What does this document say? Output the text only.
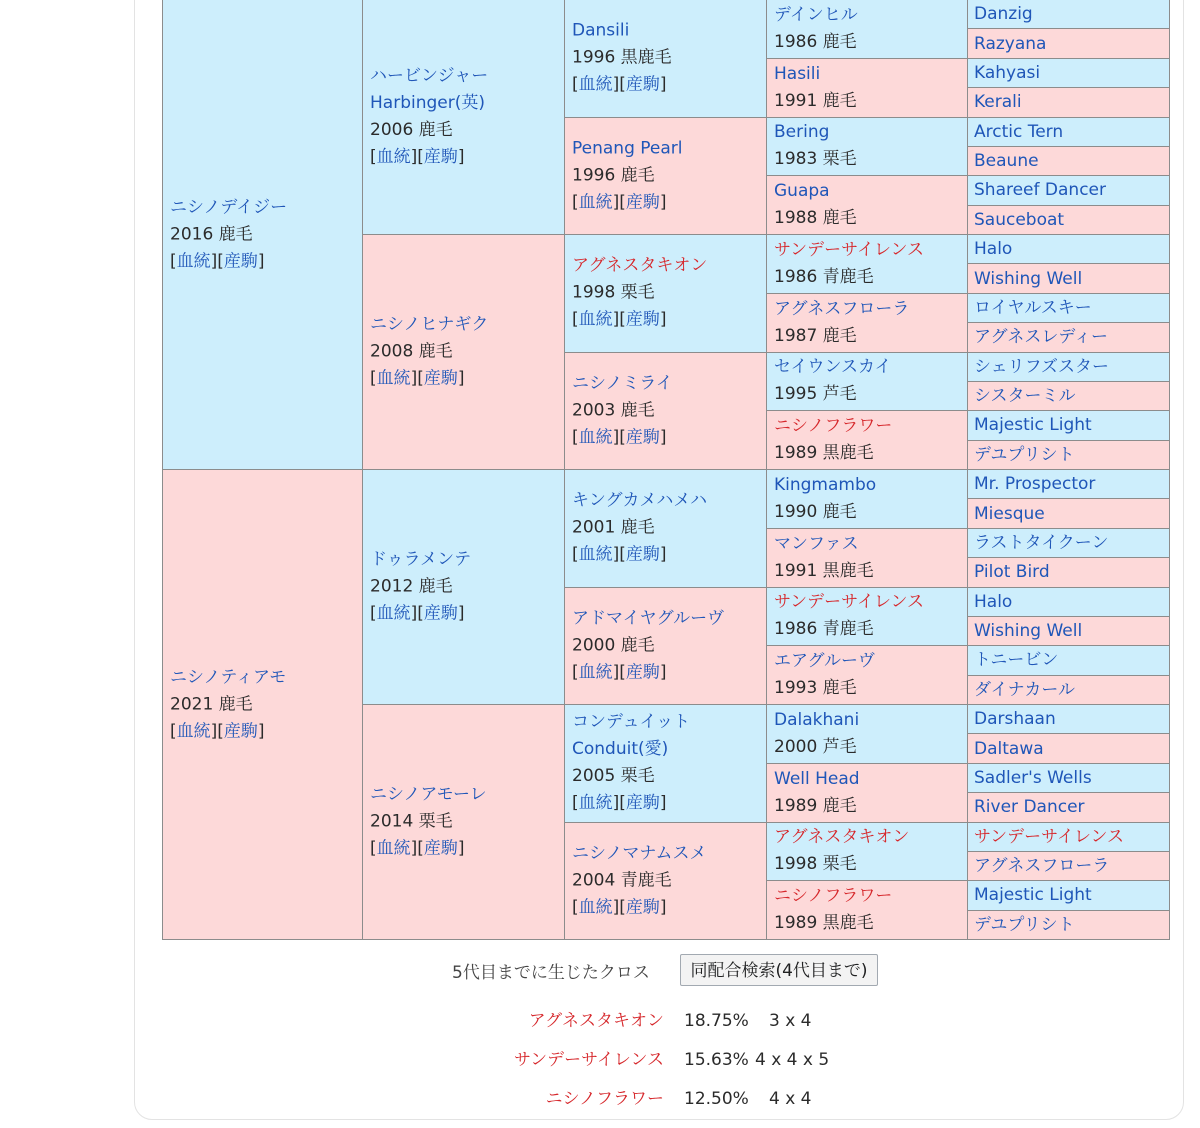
ニシノデイジー
2016 鹿毛
[血統][産駒]
ニシノティアモ
2021 鹿毛
[血統][産駒]
ハービンジャー
Harbinger(英)
2006 鹿毛
[血統][産駒]
ニシノヒナギク
2008 鹿毛
[血統][産駒]
ドゥラメンテ
2012 鹿毛
[血統][産駒]
ニシノアモーレ
2014 栗毛
[血統][産駒]
Dansili
1996 黒鹿毛
[血統][産駒]
Penang Pearl
1996 鹿毛
[血統][産駒]
アグネスタキオン
1998 栗毛
[血統][産駒]
ニシノミライ
2003 鹿毛
[血統][産駒]
キングカメハメハ
2001 鹿毛
[血統][産駒]
アドマイヤグルーヴ
2000 鹿毛
[血統][産駒]
コンデュイット
Conduit(愛)
2005 栗毛
[血統][産駒]
ニシノマナムスメ
2004 青鹿毛
[血統][産駒]
デインヒル
1986 鹿毛
Hasili
1991 鹿毛
Bering
1983 栗毛
Guapa
1988 鹿毛
サンデーサイレンス
1986 青鹿毛
アグネスフローラ
1987 鹿毛
セイウンスカイ
1995 芦毛
ニシノフラワー
1989 黒鹿毛
Kingmambo
1990 鹿毛
マンファス
1991 黒鹿毛
サンデーサイレンス
1986 青鹿毛
エアグルーヴ
1993 鹿毛
Dalakhani
2000 芦毛
Well Head
1989 鹿毛
アグネスタキオン
1998 栗毛
ニシノフラワー
1989 黒鹿毛
Danzig
Razyana
Kahyasi
Kerali
Arctic Tern
Beaune
Shareef Dancer
Sauceboat
Halo
Wishing Well
ロイヤルスキー
アグネスレディー
シェリフズスター
シスターミル
Majestic Light
デユプリシト
Mr. Prospector
Miesque
ラストタイクーン
Pilot Bird
Halo
Wishing Well
トニービン
ダイナカール
Darshaan
Daltawa
Sadler's Wells
River Dancer
サンデーサイレンス
アグネスフローラ
Majestic Light
デユプリシト
5代目までに生じたクロス	同配合検索(4代目まで)
アグネスタキオン 18.75% 3 x 4
サンデーサイレンス 15.63% 4 x 4 x 5
ニシノフラワー 12.50% 4 x 4
